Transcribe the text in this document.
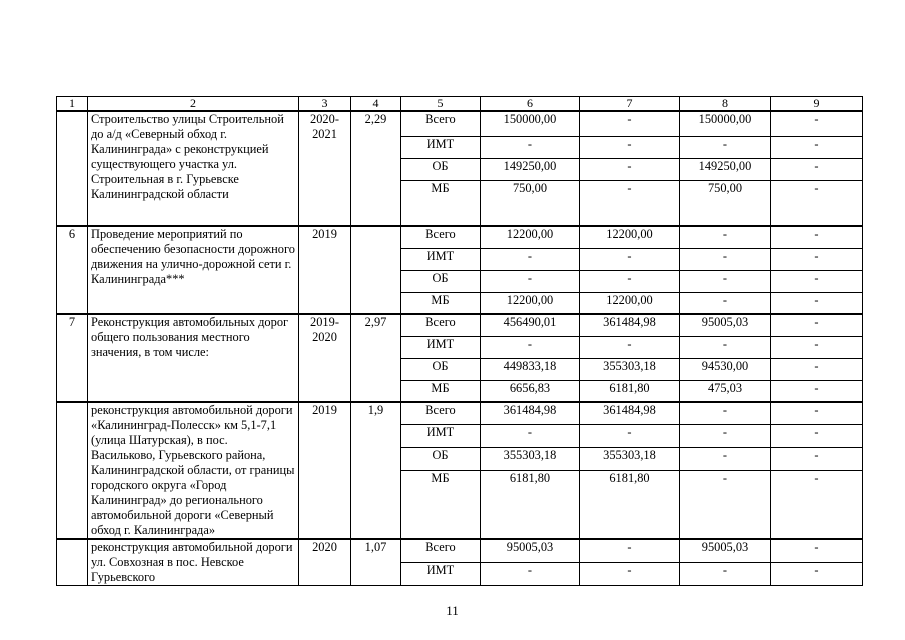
1	2	3	4	5	6	7	8	9
	Строительство улицы Строительной до а/д «Северный обход г. Калининграда» с реконструкцией существующего участка ул. Строительная в г. Гурьевске Калининградской области	2020-2021	2,29	Всего	150000,00	-	150000,00	-
				ИМТ	-	-	-	-
				ОБ	149250,00	-	149250,00	-
				МБ	750,00	-	750,00	-
6	Проведение мероприятий по обеспечению безопасности дорожного движения на улично-дорожной сети г. Калининграда***	2019		Всего	12200,00	12200,00	-	-
				ИМТ	-	-	-	-
				ОБ	-	-	-	-
				МБ	12200,00	12200,00	-	-
7	Реконструкция автомобильных дорог общего пользования местного значения, в том числе:	2019-2020	2,97	Всего	456490,01	361484,98	95005,03	-
				ИМТ	-	-	-	-
				ОБ	449833,18	355303,18	94530,00	-
				МБ	6656,83	6181,80	475,03	-
	реконструкция автомобильной дороги «Калининград-Полесск» км 5,1-7,1 (улица Шатурская), в пос. Васильково, Гурьевского района, Калининградской области, от границы городского округа «Город Калининград» до регионального автомобильной дороги «Северный обход г. Калининграда»	2019	1,9	Всего	361484,98	361484,98	-	-
				ИМТ	-	-	-	-
				ОБ	355303,18	355303,18	-	-
				МБ	6181,80	6181,80	-	-
	реконструкция автомобильной дороги ул. Совхозная в пос. Невское Гурьевского	2020	1,07	Всего	95005,03	-	95005,03	-
				ИМТ	-	-	-	-
11
